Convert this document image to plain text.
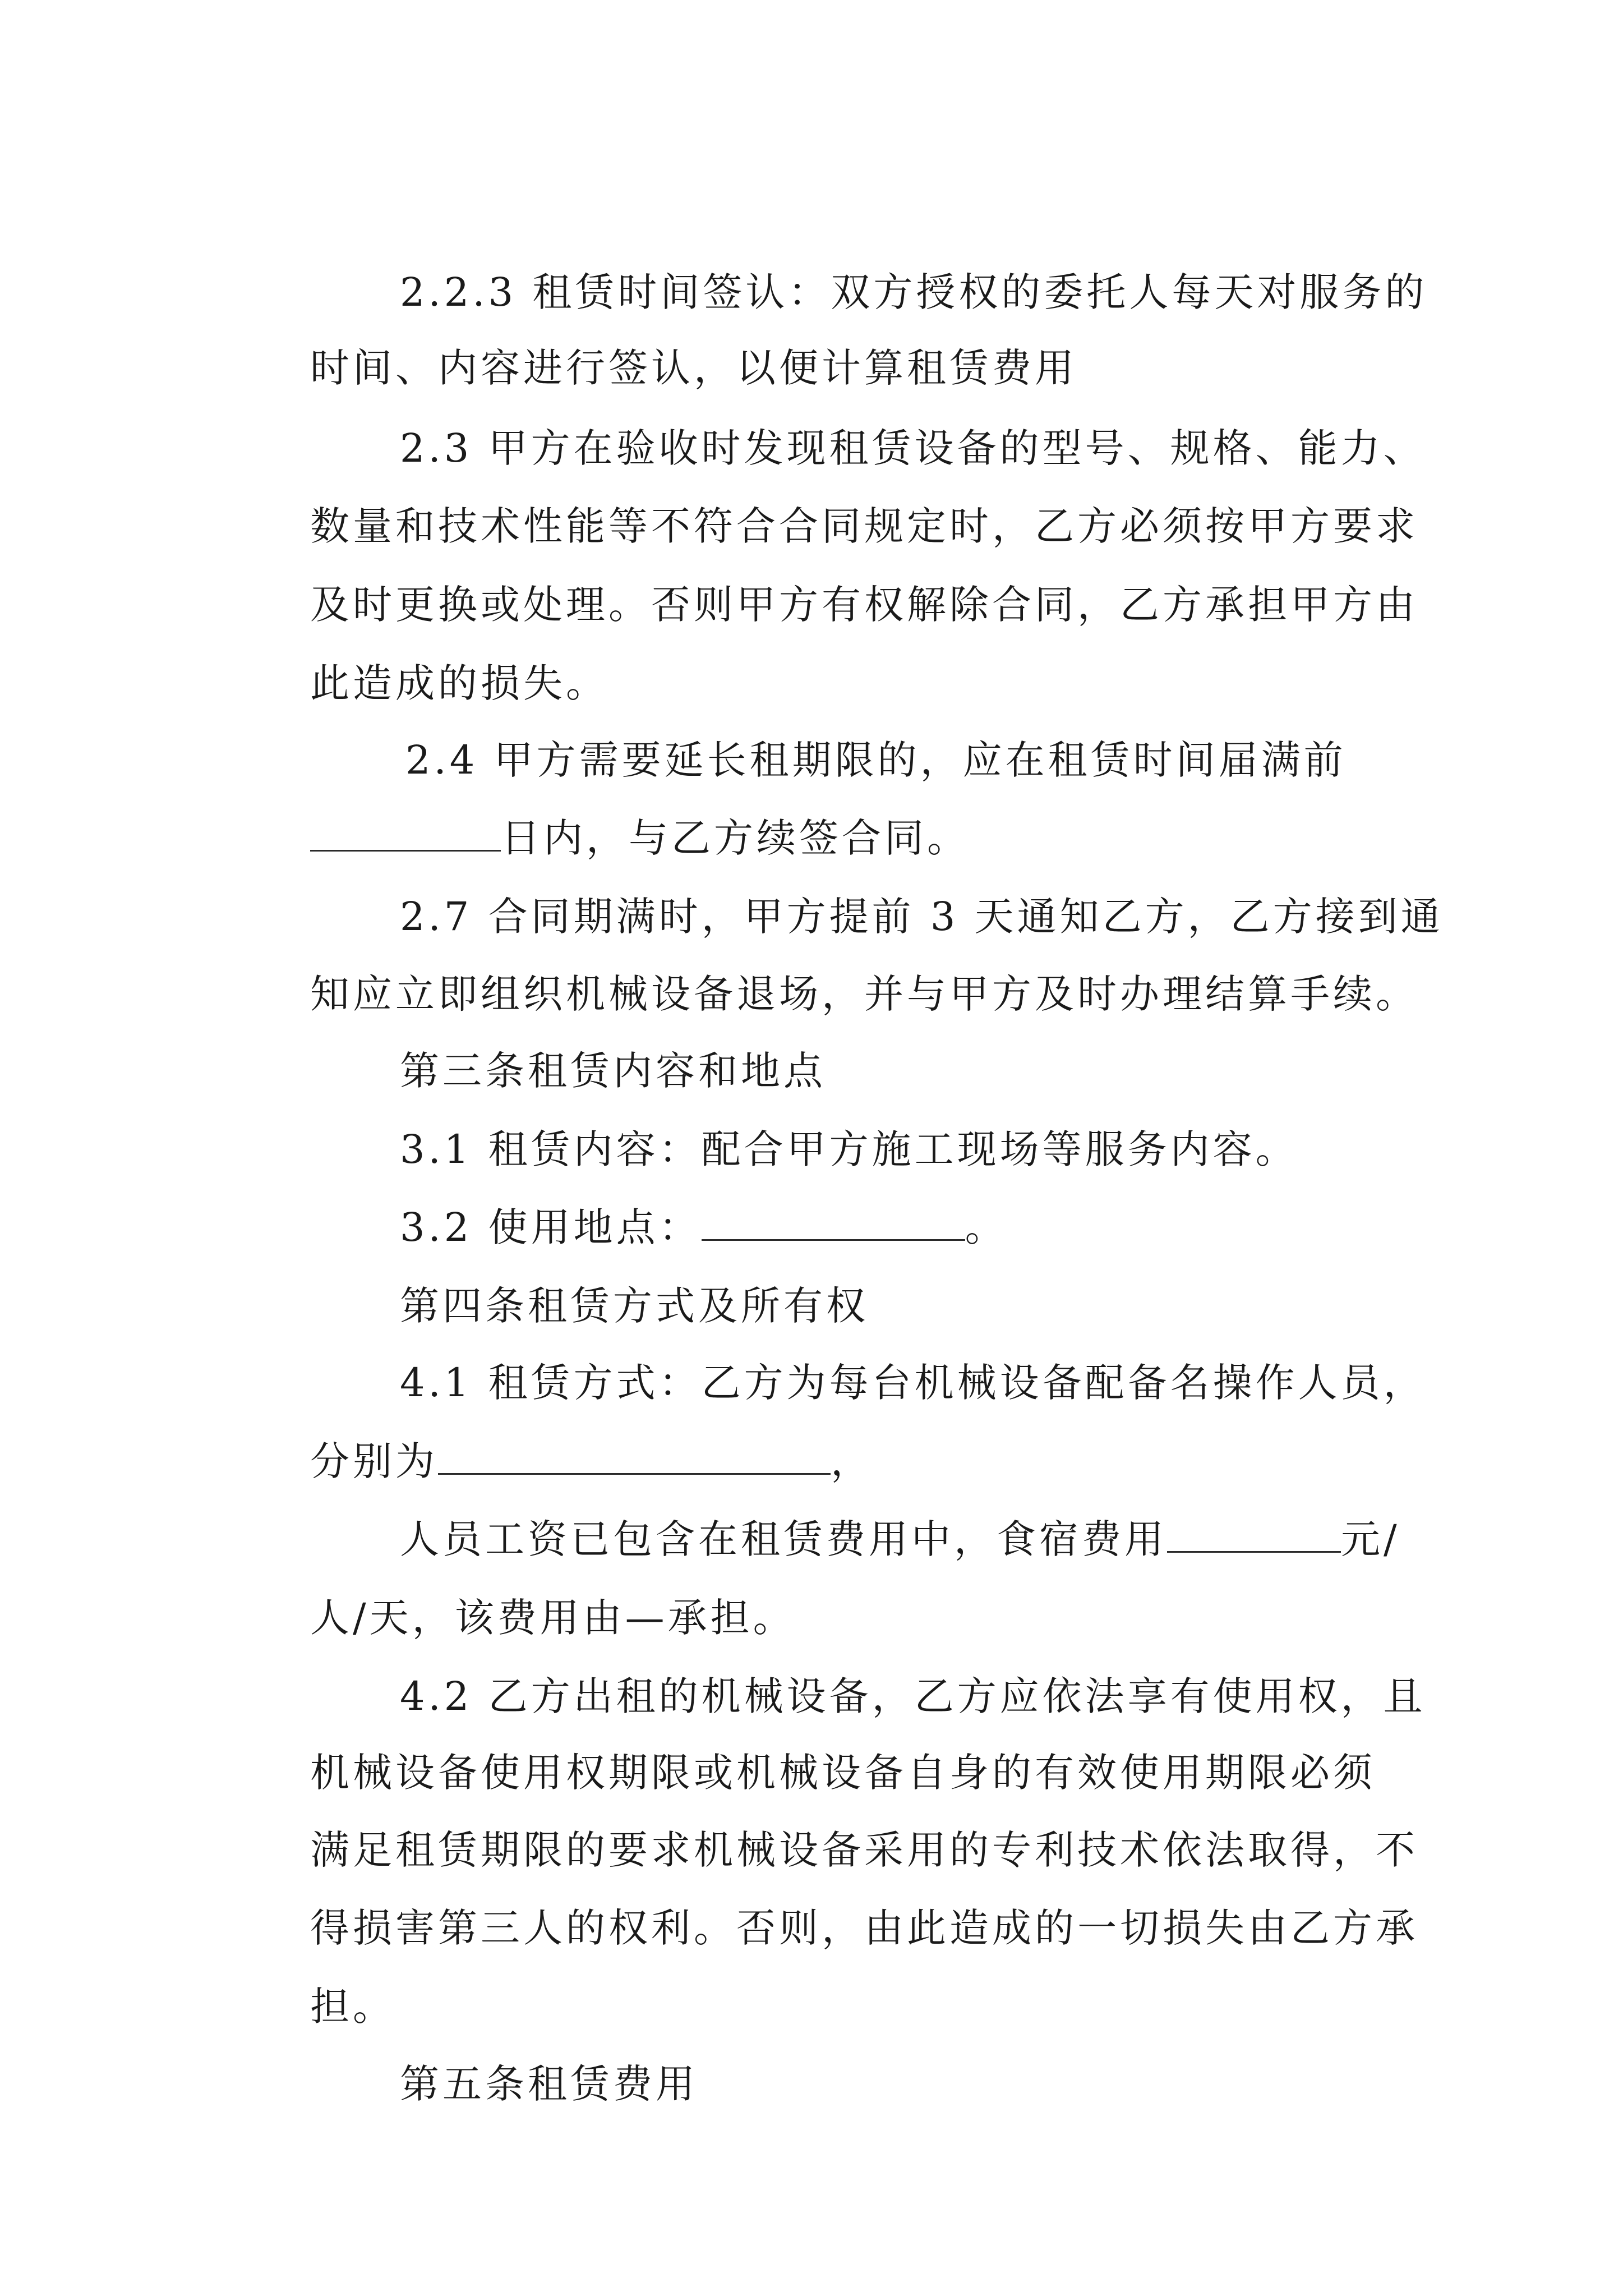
2.2.3 租赁时间签认：双方授权的委托人每天对服务的

时间、内容进行签认，以便计算租赁费用

2.3 甲方在验收时发现租赁设备的型号、规格、能力、

数量和技术性能等不符合合同规定时，乙方必须按甲方要求

及时更换或处理。否则甲方有权解除合同，乙方承担甲方由

此造成的损失。

2.4 甲方需要延长租期限的，应在租赁时间届满前

日内，与乙方续签合同。

2.7 合同期满时，甲方提前 3 天通知乙方，乙方接到通

知应立即组织机械设备退场，并与甲方及时办理结算手续。

第三条租赁内容和地点

3.1 租赁内容：配合甲方施工现场等服务内容。

3.2 使用地点：	。

第四条租赁方式及所有权

4.1 租赁方式：乙方为每台机械设备配备名操作人员，

分别为	，

人员工资已包含在租赁费用中，食宿费用	元/

人/天，该费用由—承担。

4.2 乙方出租的机械设备，乙方应依法享有使用权，且

机械设备使用权期限或机械设备自身的有效使用期限必须

满足租赁期限的要求机械设备采用的专利技术依法取得，不

得损害第三人的权利。否则，由此造成的一切损失由乙方承

担。

第五条租赁费用
